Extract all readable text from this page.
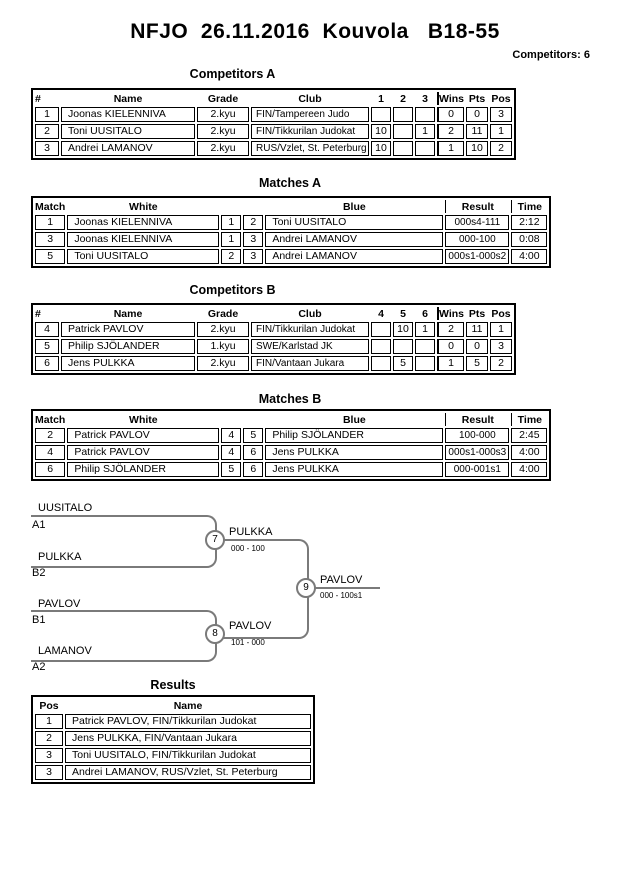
NFJO  26.11.2016  Kouvola   B18-55
Competitors: 6
Competitors A
#	Name	Grade	Club	1	2	3	Wins	Pts	Pos
1	Joonas KIELENNIVA	2.kyu	FIN/Tampereen Judo				0	0	3
2	Toni UUSITALO	2.kyu	FIN/Tikkurilan Judokat	10		1	2	11	1
3	Andrei LAMANOV	2.kyu	RUS/Vzlet, St. Peterburg	10			1	10	2
Matches A
Match	White			Blue	Result	Time
1	Joonas KIELENNIVA	1	2	Toni UUSITALO	000s4-111	2:12
3	Joonas KIELENNIVA	1	3	Andrei LAMANOV	000-100	0:08
5	Toni UUSITALO	2	3	Andrei LAMANOV	000s1-000s2	4:00
Competitors B
#	Name	Grade	Club	4	5	6	Wins	Pts	Pos
4	Patrick PAVLOV	2.kyu	FIN/Tikkurilan Judokat		10	1	2	11	1
5	Philip SJÖLANDER	1.kyu	SWE/Karlstad JK				0	0	3
6	Jens PULKKA	2.kyu	FIN/Vantaan Jukara		5		1	5	2
Matches B
Match	White			Blue	Result	Time
2	Patrick PAVLOV	4	5	Philip SJÖLANDER	100-000	2:45
4	Patrick PAVLOV	4	6	Jens PULKKA	000s1-000s3	4:00
6	Philip SJÖLANDER	5	6	Jens PULKKA	000-001s1	4:00
UUSITALO
A1
PULKKA
B2
PAVLOV
B1
LAMANOV
A2
7
8
9
PULKKA
000 - 100
PAVLOV
101 - 000
PAVLOV
000 - 100s1
Results
Pos	Name
1	Patrick PAVLOV, FIN/Tikkurilan Judokat
2	Jens PULKKA, FIN/Vantaan Jukara
3	Toni UUSITALO, FIN/Tikkurilan Judokat
3	Andrei LAMANOV, RUS/Vzlet, St. Peterburg
